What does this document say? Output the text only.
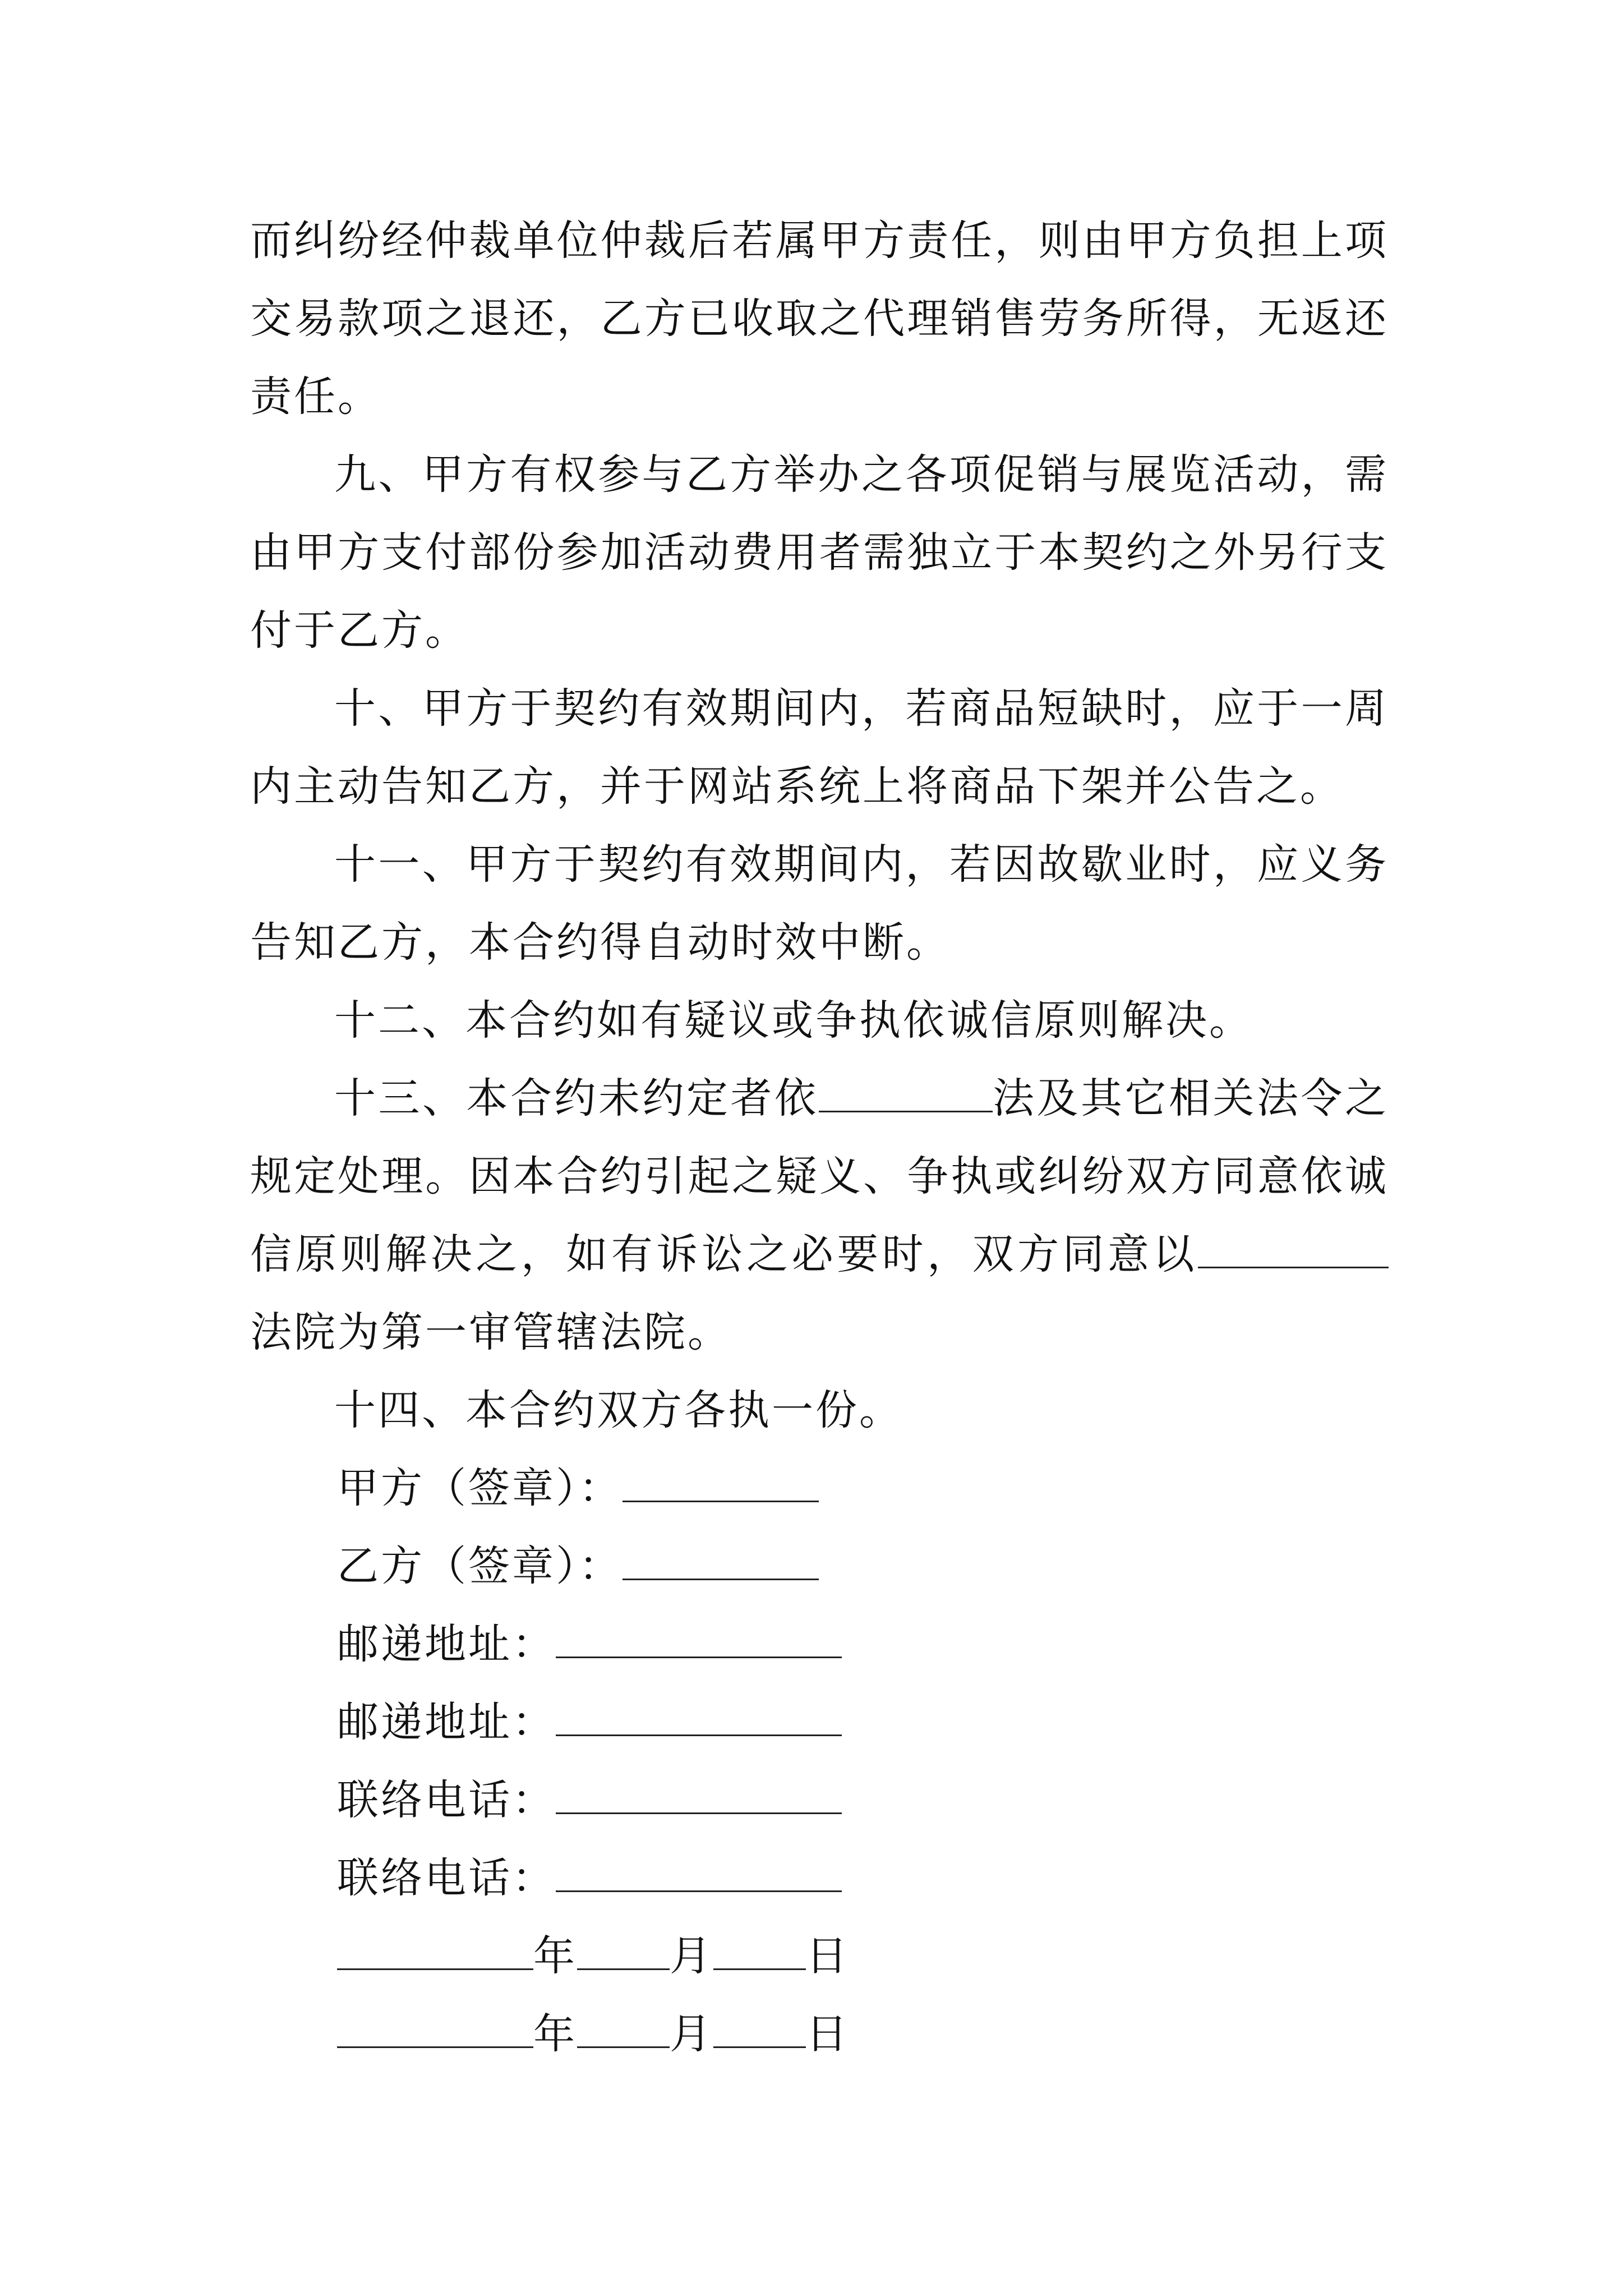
而纠纷经仲裁单位仲裁后若属甲方责任，则由甲方负担上项交易款项之退还，乙方已收取之代理销售劳务所得，无返还责任。

九、甲方有权参与乙方举办之各项促销与展览活动，需由甲方支付部份参加活动费用者需独立于本契约之外另行支付于乙方。

十、甲方于契约有效期间内，若商品短缺时，应于一周内主动告知乙方，并于网站系统上将商品下架并公告之。

十一、甲方于契约有效期间内，若因故歇业时，应义务告知乙方，本合约得自动时效中断。

十二、本合约如有疑议或争执依诚信原则解决。

十三、本合约未约定者依	法及其它相关法令之规定处理。因本合约引起之疑义、争执或纠纷双方同意依诚信原则解决之，如有诉讼之必要时，双方同意以法院为第一审管辖法院。

十四、本合约双方各执一份。

甲方（签章）：

乙方（签章）：

邮递地址：

邮递地址：

联络电话：

联络电话：

年 月 日

年 月 日
